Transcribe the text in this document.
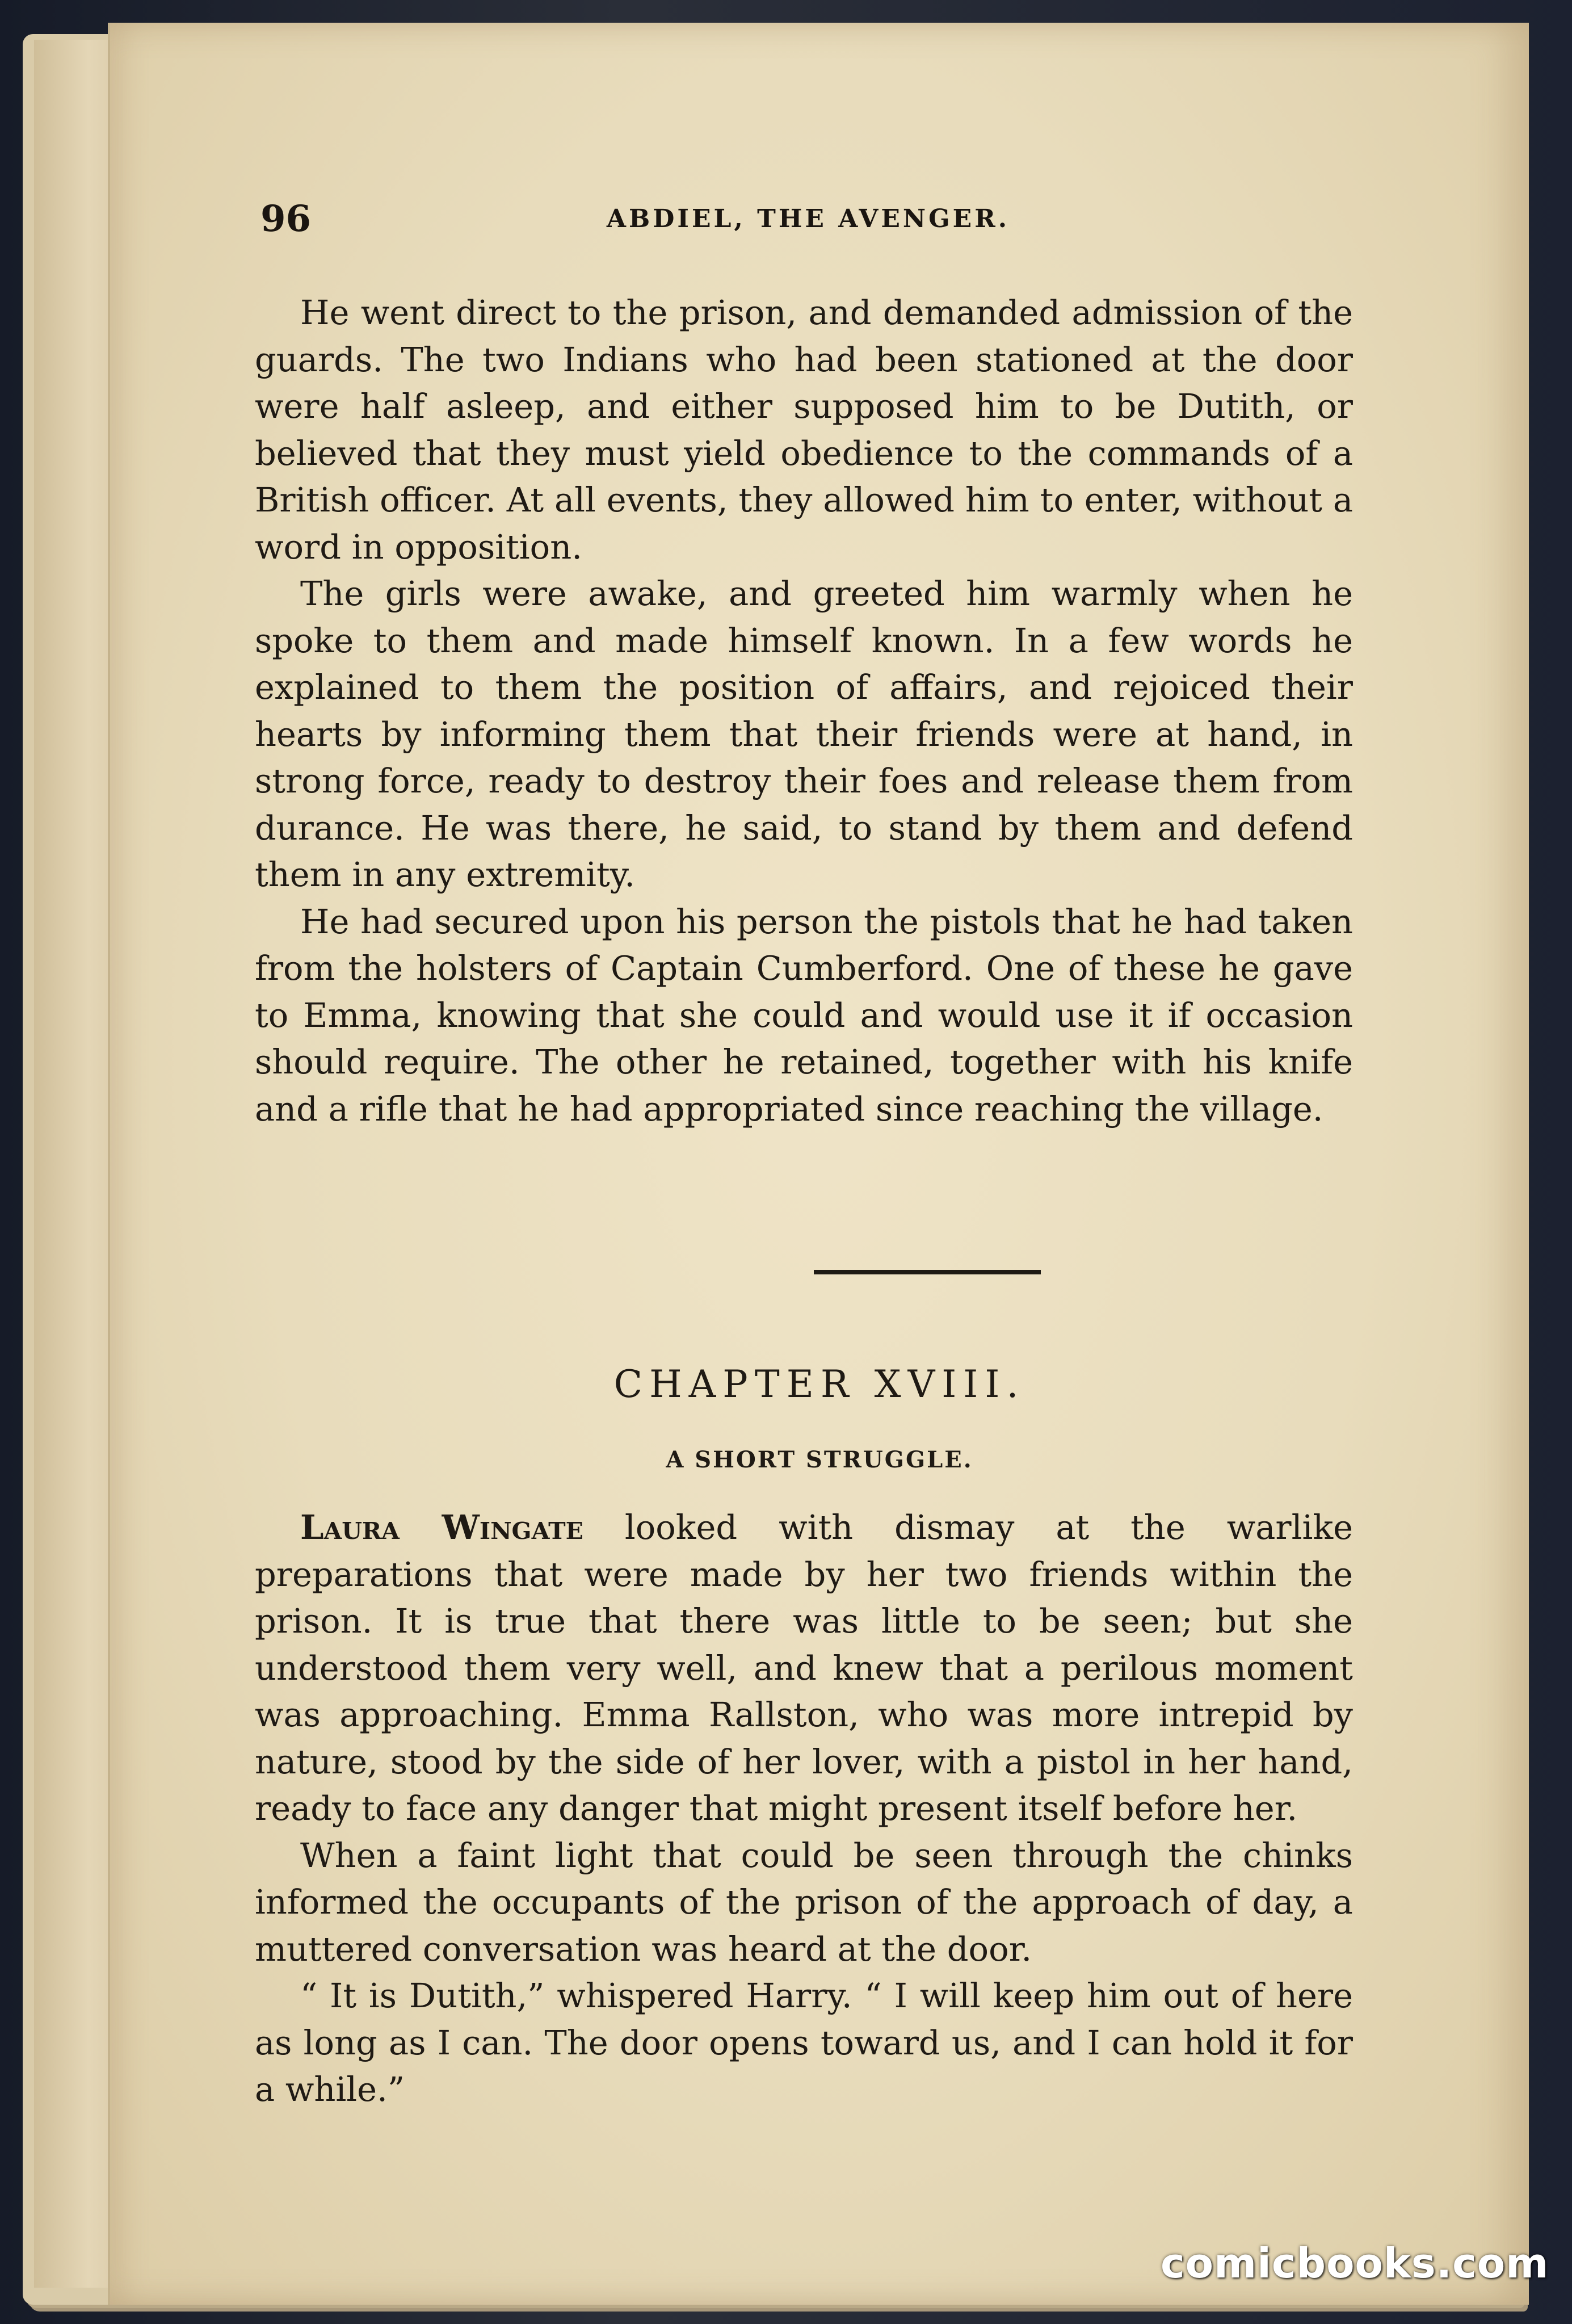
96	ABDIEL, THE AVENGER.

He went direct to the prison, and demanded admission of the guards. The two Indians who had been stationed at the door were half asleep, and either supposed him to be Dutith, or believed that they must yield obedience to the commands of a British officer. At all events, they allowed him to enter, without a word in opposition.

The girls were awake, and greeted him warmly when he spoke to them and made himself known. In a few words he explained to them the position of affairs, and rejoiced their hearts by informing them that their friends were at hand, in strong force, ready to destroy their foes and release them from durance. He was there, he said, to stand by them and defend them in any extremity.

He had secured upon his person the pistols that he had taken from the holsters of Captain Cumberford. One of these he gave to Emma, knowing that she could and would use it if occasion should require. The other he retained, together with his knife and a rifle that he had appropriated since reaching the village.

CHAPTER XVIII.
A SHORT STRUGGLE.

Laura Wingate looked with dismay at the warlike preparations that were made by her two friends within the prison. It is true that there was little to be seen; but she understood them very well, and knew that a perilous moment was approaching. Emma Rallston, who was more intrepid by nature, stood by the side of her lover, with a pistol in her hand, ready to face any danger that might present itself before her.

When a faint light that could be seen through the chinks informed the occupants of the prison of the approach of day, a muttered conversation was heard at the door.

“ It is Dutith,” whispered Harry. “ I will keep him out of here as long as I can. The door opens toward us, and I can hold it for a while.”

comicbooks.com
